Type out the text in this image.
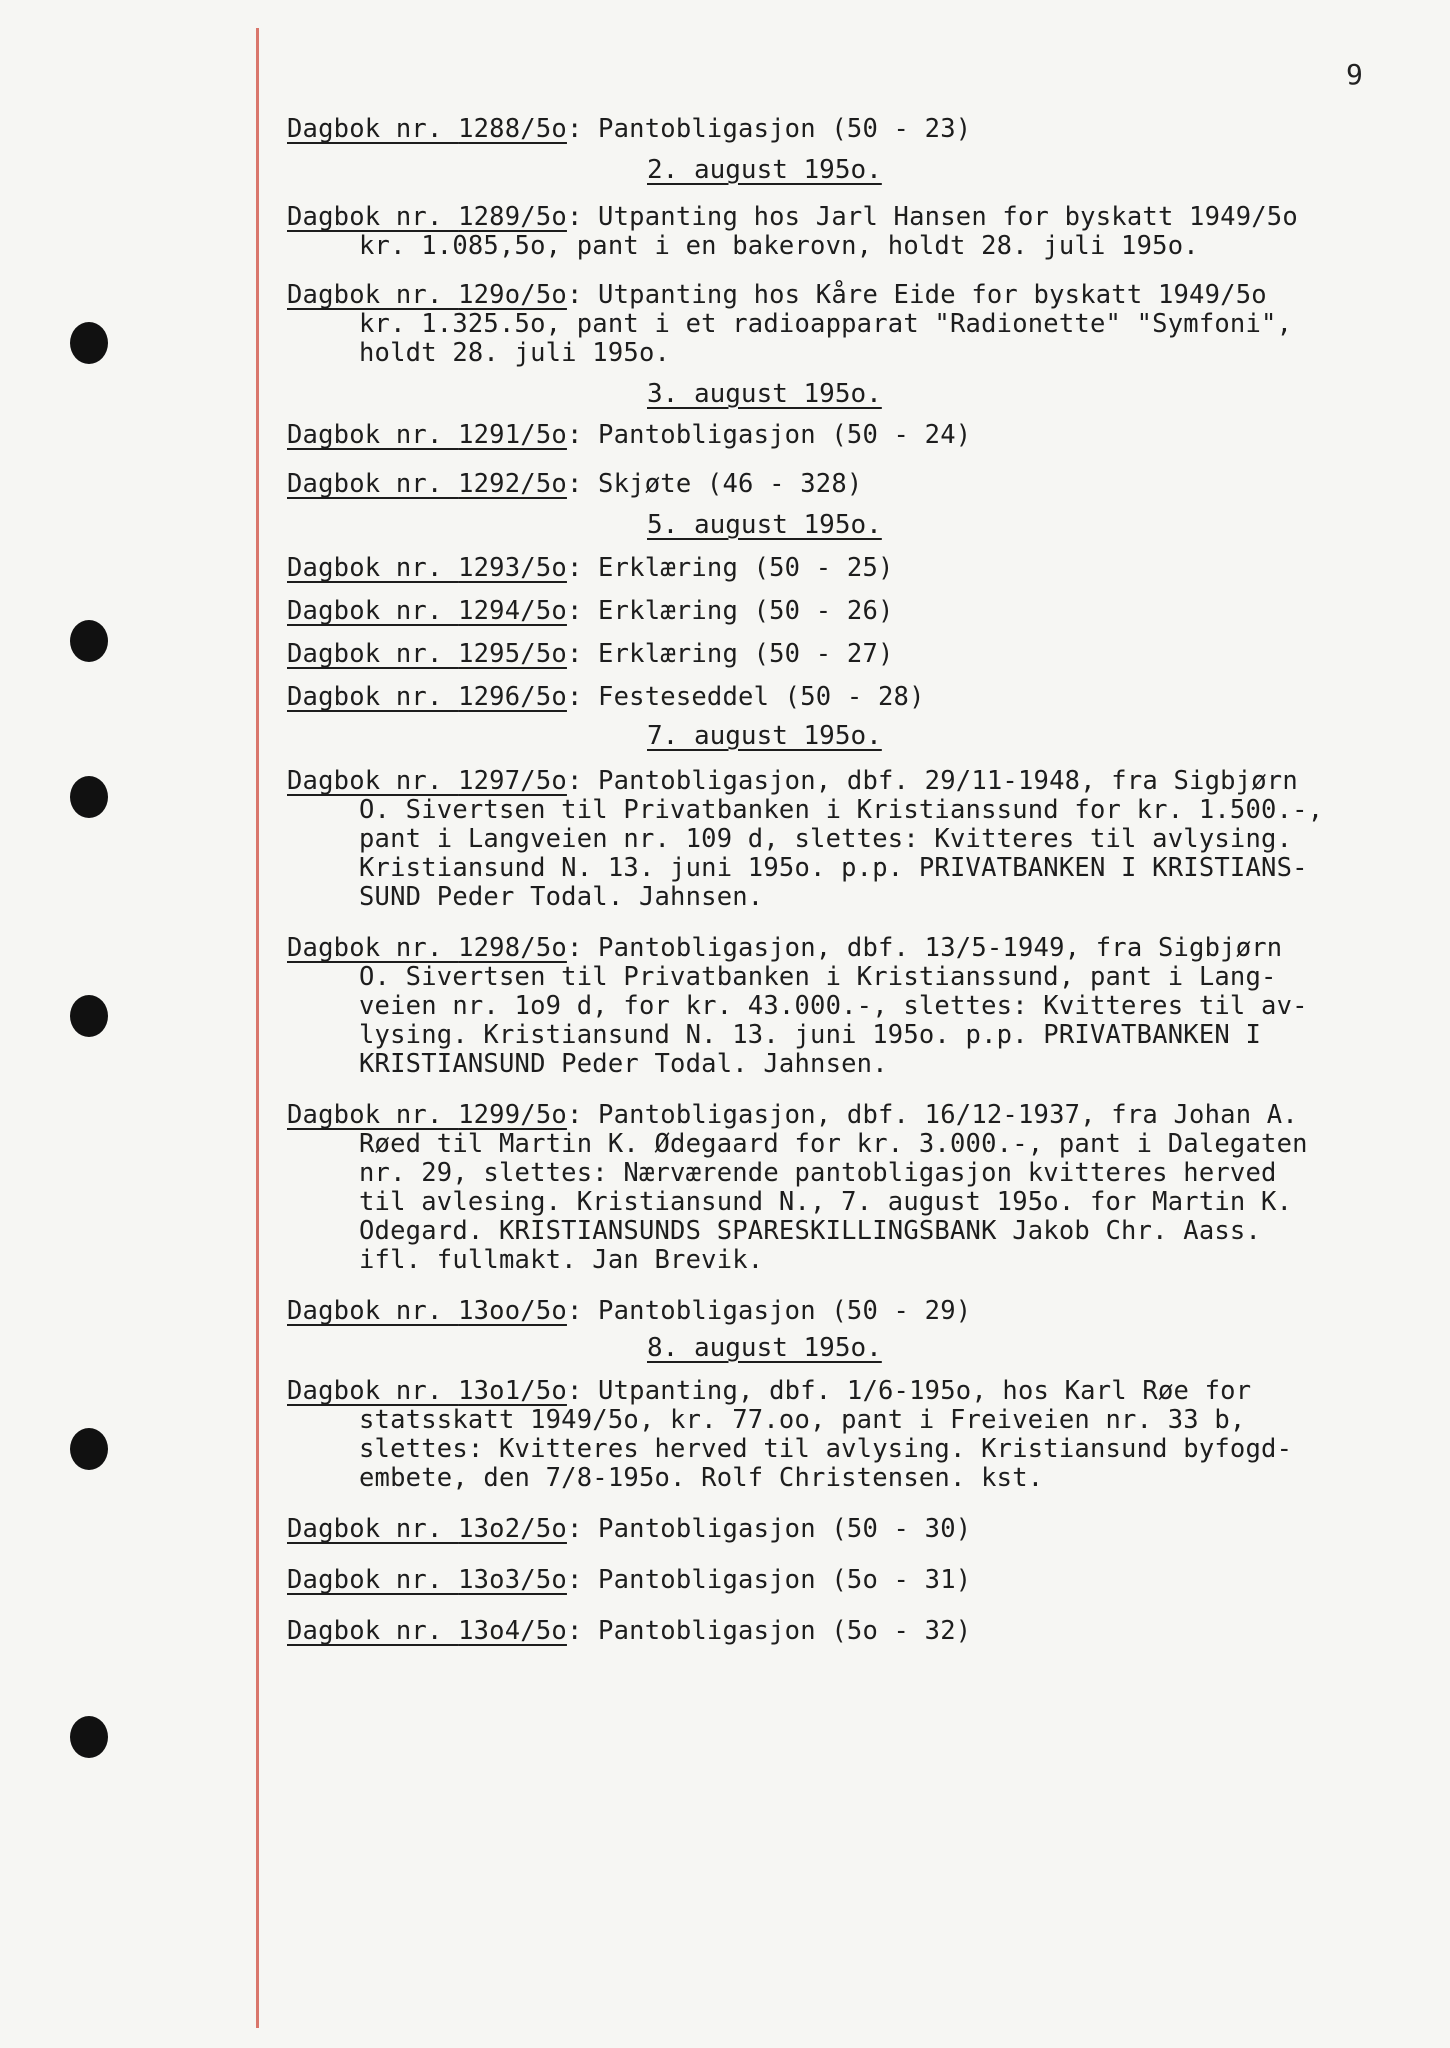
9
Dagbok nr. 1288/5o: Pantobligasjon (50 - 23)
2. august 195o.
Dagbok nr. 1289/5o: Utpanting hos Jarl Hansen for byskatt 1949/5o
kr. 1.085,5o, pant i en bakerovn, holdt 28. juli 195o.
Dagbok nr. 129o/5o: Utpanting hos Kåre Eide for byskatt 1949/5o
kr. 1.325.5o, pant i et radioapparat "Radionette" "Symfoni",
holdt 28. juli 195o.
3. august 195o.
Dagbok nr. 1291/5o: Pantobligasjon (50 - 24)
Dagbok nr. 1292/5o: Skjøte (46 - 328)
5. august 195o.
Dagbok nr. 1293/5o: Erklæring (50 - 25)
Dagbok nr. 1294/5o: Erklæring (50 - 26)
Dagbok nr. 1295/5o: Erklæring (50 - 27)
Dagbok nr. 1296/5o: Festeseddel (50 - 28)
7. august 195o.
Dagbok nr. 1297/5o: Pantobligasjon, dbf. 29/11-1948, fra Sigbjørn
O. Sivertsen til Privatbanken i Kristianssund for kr. 1.500.-,
pant i Langveien nr. 109 d, slettes: Kvitteres til avlysing.
Kristiansund N. 13. juni 195o. p.p. PRIVATBANKEN I KRISTIANS-
SUND Peder Todal. Jahnsen.
Dagbok nr. 1298/5o: Pantobligasjon, dbf. 13/5-1949, fra Sigbjørn
O. Sivertsen til Privatbanken i Kristianssund, pant i Lang-
veien nr. 1o9 d, for kr. 43.000.-, slettes: Kvitteres til av-
lysing. Kristiansund N. 13. juni 195o. p.p. PRIVATBANKEN I
KRISTIANSUND Peder Todal. Jahnsen.
Dagbok nr. 1299/5o: Pantobligasjon, dbf. 16/12-1937, fra Johan A.
Røed til Martin K. Ødegaard for kr. 3.000.-, pant i Dalegaten
nr. 29, slettes: Nærværende pantobligasjon kvitteres herved
til avlesing. Kristiansund N., 7. august 195o. for Martin K.
Odegard. KRISTIANSUNDS SPARESKILLINGSBANK Jakob Chr. Aass.
ifl. fullmakt. Jan Brevik.
Dagbok nr. 13oo/5o: Pantobligasjon (50 - 29)
8. august 195o.
Dagbok nr. 13o1/5o: Utpanting, dbf. 1/6-195o, hos Karl Røe for
statsskatt 1949/5o, kr. 77.oo, pant i Freiveien nr. 33 b,
slettes: Kvitteres herved til avlysing. Kristiansund byfogd-
embete, den 7/8-195o. Rolf Christensen. kst.
Dagbok nr. 13o2/5o: Pantobligasjon (50 - 30)
Dagbok nr. 13o3/5o: Pantobligasjon (5o - 31)
Dagbok nr. 13o4/5o: Pantobligasjon (5o - 32)
